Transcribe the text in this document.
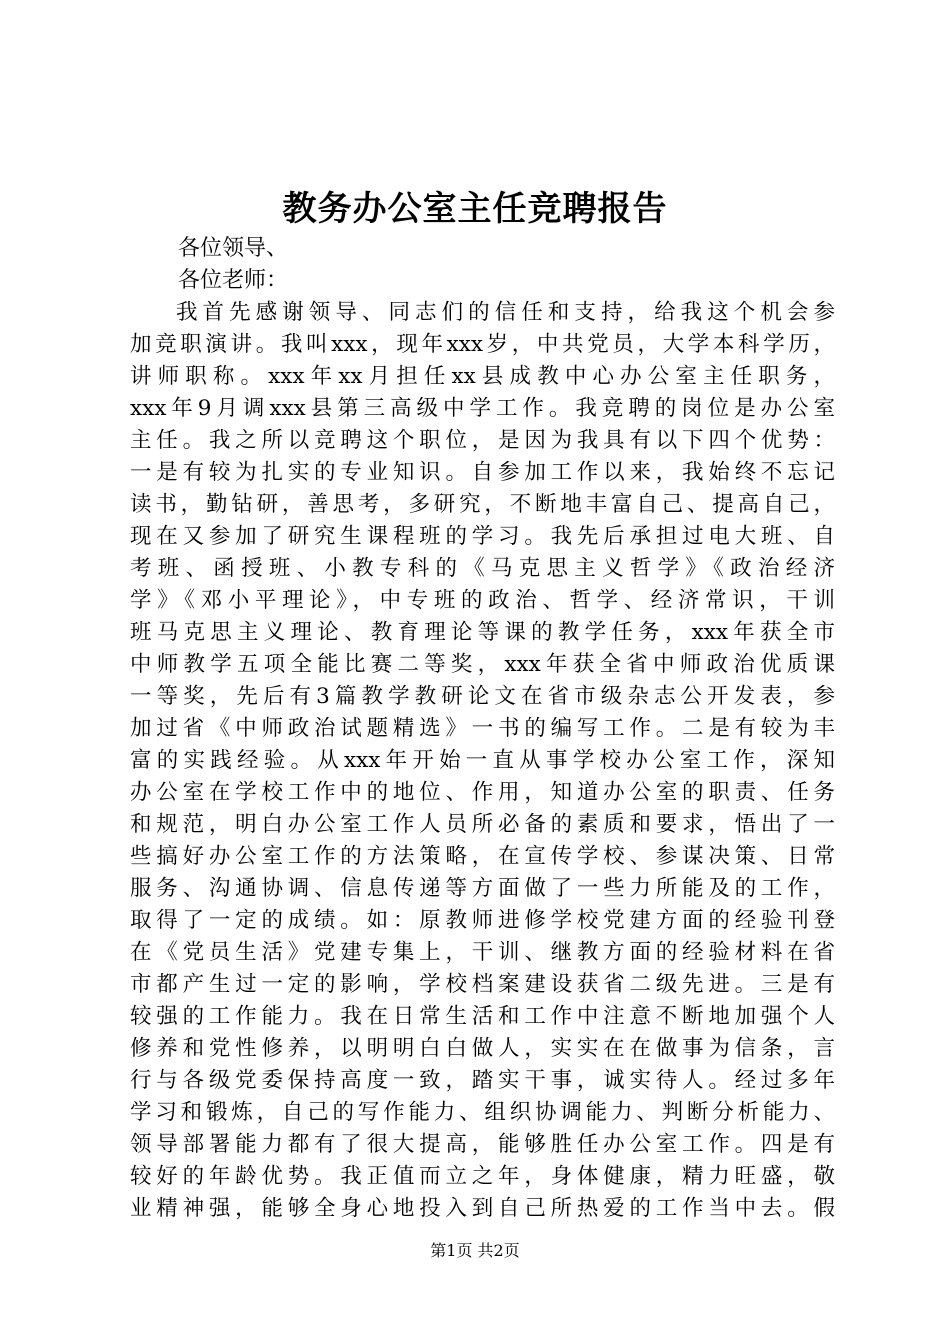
教务办公室主任竞聘报告
各位领导、
各位老师：
我首先感谢领导、同志们的信任和支持，给我这个机会参
加竞职演讲。我叫xxx，现年xxx岁，中共党员，大学本科学历，
讲师职称。xxx年xx月担任xx县成教中心办公室主任职务，
xxx年9月调xxx县第三高级中学工作。我竞聘的岗位是办公室
主任。我之所以竞聘这个职位，是因为我具有以下四个优势：
一是有较为扎实的专业知识。自参加工作以来，我始终不忘记
读书，勤钻研，善思考，多研究，不断地丰富自己、提高自己，
现在又参加了研究生课程班的学习。我先后承担过电大班、自
考班、函授班、小教专科的《马克思主义哲学》《政治经济
学》《邓小平理论》，中专班的政治、哲学、经济常识，干训
班马克思主义理论、教育理论等课的教学任务，xxx年获全市
中师教学五项全能比赛二等奖，xxx年获全省中师政治优质课
一等奖，先后有3篇教学教研论文在省市级杂志公开发表，参
加过省《中师政治试题精选》一书的编写工作。二是有较为丰
富的实践经验。从xxx年开始一直从事学校办公室工作，深知
办公室在学校工作中的地位、作用，知道办公室的职责、任务
和规范，明白办公室工作人员所必备的素质和要求，悟出了一
些搞好办公室工作的方法策略，在宣传学校、参谋决策、日常
服务、沟通协调、信息传递等方面做了一些力所能及的工作，
取得了一定的成绩。如：原教师进修学校党建方面的经验刊登
在《党员生活》党建专集上，干训、继教方面的经验材料在省
市都产生过一定的影响，学校档案建设获省二级先进。三是有
较强的工作能力。我在日常生活和工作中注意不断地加强个人
修养和党性修养，以明明白白做人，实实在在做事为信条，言
行与各级党委保持高度一致，踏实干事，诚实待人。经过多年
学习和锻炼，自己的写作能力、组织协调能力、判断分析能力、
领导部署能力都有了很大提高，能够胜任办公室工作。四是有
较好的年龄优势。我正值而立之年，身体健康，精力旺盛，敬
业精神强，能够全身心地投入到自己所热爱的工作当中去。假
第1页 共2页
